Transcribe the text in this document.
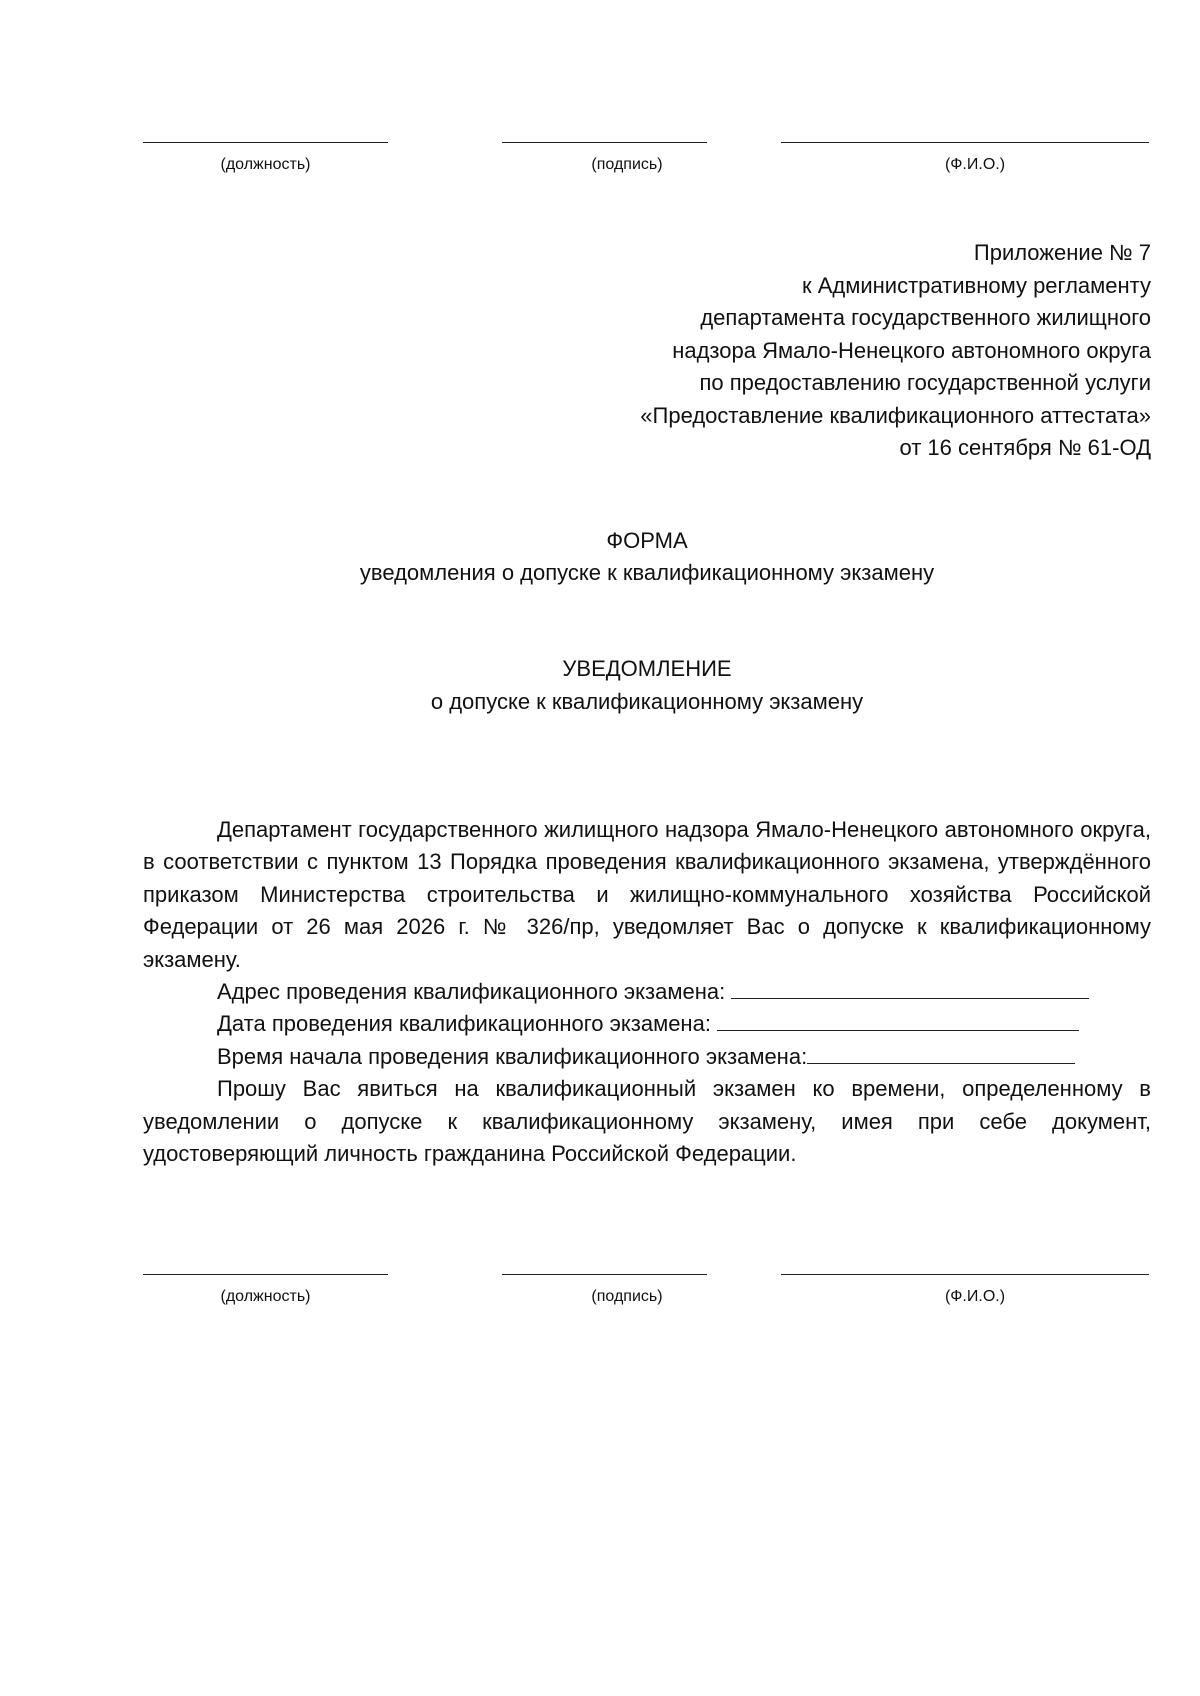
(должность)	(подпись)	(Ф.И.О.)
Приложение № 7
к Административному регламенту
департамента государственного жилищного
надзора Ямало-Ненецкого автономного округа
по предоставлению государственной услуги
«Предоставление квалификационного аттестата»
от 16 сентября № 61-ОД
ФОРМА
уведомления о допуске к квалификационному экзамену
УВЕДОМЛЕНИЕ
о допуске к квалификационному экзамену

Департамент государственного жилищного надзора Ямало-Ненецкого автономного округа, в соответствии с пунктом 13 Порядка проведения квалификационного экзамена, утверждённого приказом Министерства строительства и жилищно-коммунального хозяйства Российской Федерации от 26 мая 2026 г. № 326/пр, уведомляет Вас о допуске к квалификационному экзамену.

Адрес проведения квалификационного экзамена:

Дата проведения квалификационного экзамена:

Время начала проведения квалификационного экзамена:

Прошу Вас явиться на квалификационный экзамен ко времени, определенному в уведомлении о допуске к квалификационному экзамену, имея при себе документ, удостоверяющий личность гражданина Российской Федерации.

(должность)	(подпись)	(Ф.И.О.)
